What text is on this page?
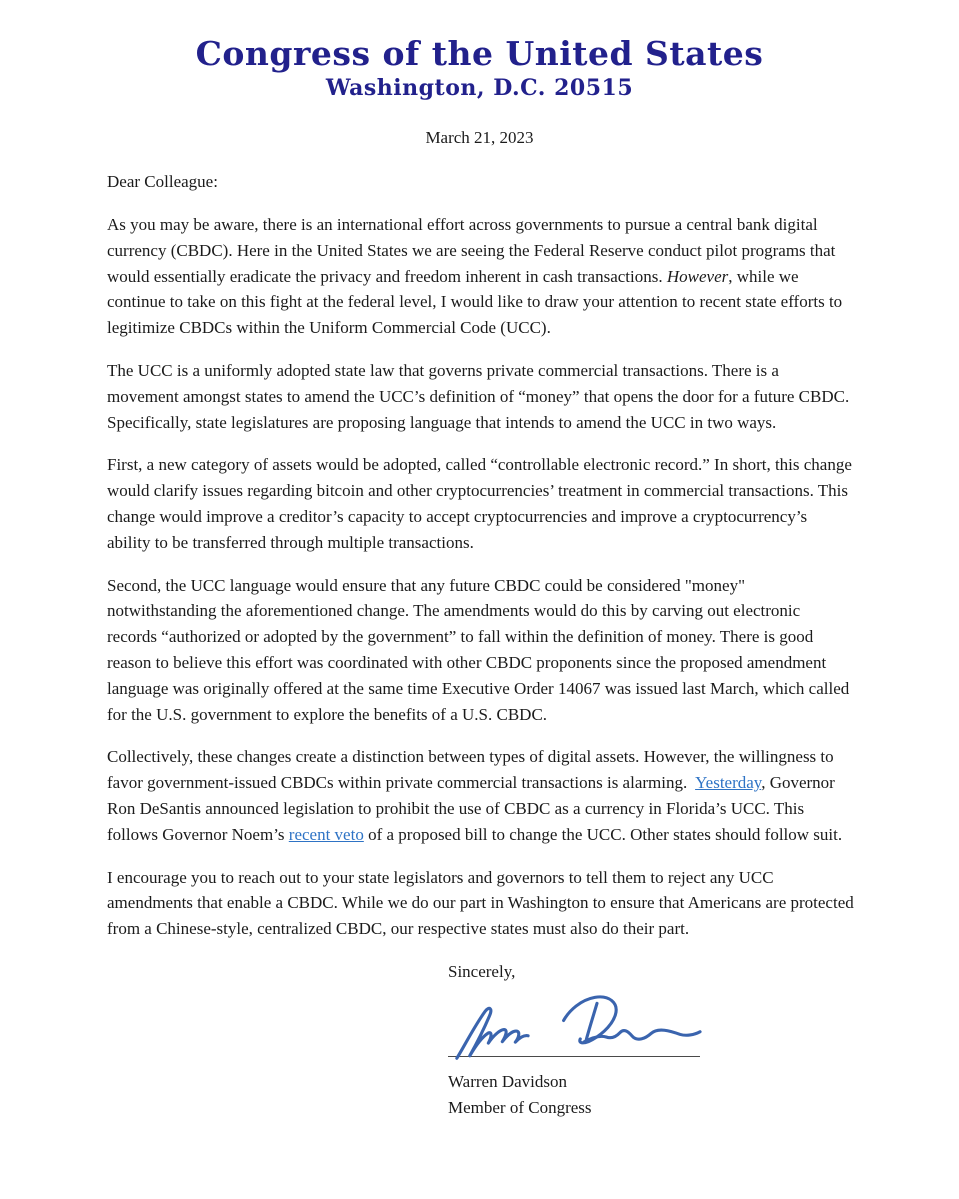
Congress of the United States
Washington, D.C. 20515
March 21, 2023
Dear Colleague:

As you may be aware, there is an international effort across governments to pursue a central bank digital currency (CBDC). Here in the United States we are seeing the Federal Reserve conduct pilot programs that would essentially eradicate the privacy and freedom inherent in cash transactions. However, while we continue to take on this fight at the federal level, I would like to draw your attention to recent state efforts to legitimize CBDCs within the Uniform Commercial Code (UCC).

The UCC is a uniformly adopted state law that governs private commercial transactions. There is a movement amongst states to amend the UCC’s definition of “money” that opens the door for a future CBDC. Specifically, state legislatures are proposing language that intends to amend the UCC in two ways.

First, a new category of assets would be adopted, called “controllable electronic record.” In short, this change would clarify issues regarding bitcoin and other cryptocurrencies’ treatment in commercial transactions. This change would improve a creditor’s capacity to accept cryptocurrencies and improve a cryptocurrency’s ability to be transferred through multiple transactions.

Second, the UCC language would ensure that any future CBDC could be considered "money" notwithstanding the aforementioned change. The amendments would do this by carving out electronic records “authorized or adopted by the government” to fall within the definition of money. There is good reason to believe this effort was coordinated with other CBDC proponents since the proposed amendment language was originally offered at the same time Executive Order 14067 was issued last March, which called for the U.S. government to explore the benefits of a U.S. CBDC.

Collectively, these changes create a distinction between types of digital assets. However, the willingness to favor government-issued CBDCs within private commercial transactions is alarming.  Yesterday, Governor Ron DeSantis announced legislation to prohibit the use of CBDC as a currency in Florida’s UCC. This follows Governor Noem’s recent veto of a proposed bill to change the UCC. Other states should follow suit.

I encourage you to reach out to your state legislators and governors to tell them to reject any UCC amendments that enable a CBDC. While we do our part in Washington to ensure that Americans are protected from a Chinese-style, centralized CBDC, our respective states must also do their part.

Sincerely,
Warren Davidson
Member of Congress
